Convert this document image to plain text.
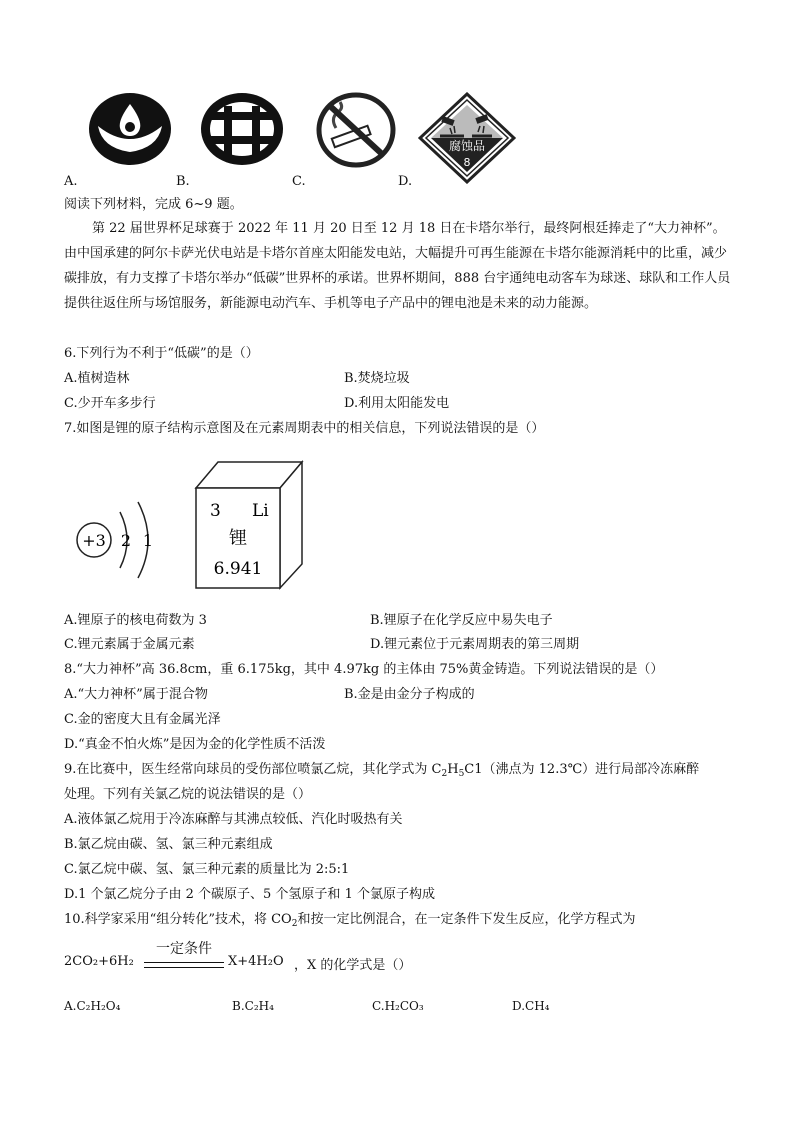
A.	B.	C.
腐蚀品
8
D.
阅读下列材料，完成 6~9 题。
第 22 届世界杯足球赛于 2022 年 11 月 20 日至 12 月 18 日在卡塔尔举行，最终阿根廷捧走了“大力神杯”。由中国承建的阿尔卡萨光伏电站是卡塔尔首座太阳能发电站，大幅提升可再生能源在卡塔尔能源消耗中的比重，减少碳排放，有力支撑了卡塔尔举办“低碳”世界杯的承诺。世界杯期间，888 台宇通纯电动客车为球迷、球队和工作人员提供往返住所与场馆服务，新能源电动汽车、手机等电子产品中的锂电池是未来的动力能源。
6.下列行为不利于“低碳”的是（）
A.植树造林	B.焚烧垃圾
C.少开车多步行	D.利用太阳能发电
7.如图是锂的原子结构示意图及在元素周期表中的相关信息，下列说法错误的是（）
+3 2 1
3 Li
锂
6.941
A.锂原子的核电荷数为 3	B.锂原子在化学反应中易失电子
C.锂元素属于金属元素	D.锂元素位于元素周期表的第三周期
8.“大力神杯”高 36.8cm，重 6.175kg，其中 4.97kg 的主体由 75%黄金铸造。下列说法错误的是（）
A.“大力神杯”属于混合物	B.金是由金分子构成的
C.金的密度大且有金属光泽
D.“真金不怕火炼”是因为金的化学性质不活泼
9.在比赛中，医生经常向球员的受伤部位喷氯乙烷，其化学式为 $C_2H_5C1$（沸点为 12.3℃）进行局部冷冻麻醉
处理。下列有关氯乙烷的说法错误的是（）
A.液体氯乙烷用于冷冻麻醉与其沸点较低、汽化时吸热有关
B.氯乙烷由碳、氢、氯三种元素组成
C.氯乙烷中碳、氢、氯三种元素的质量比为 2:5:1
D.1 个氯乙烷分子由 2 个碳原子、5 个氢原子和 1 个氯原子构成
10.科学家采用“组分转化”技术，将 $CO_2$和按一定比例混合，在一定条件下发生反应，化学方程式为
2CO₂+6H₂
一定条件
X+4H₂O ，X 的化学式是（）
A.C₂H₂O₄	B.C₂H₄	C.H₂CO₃	D.CH₄
